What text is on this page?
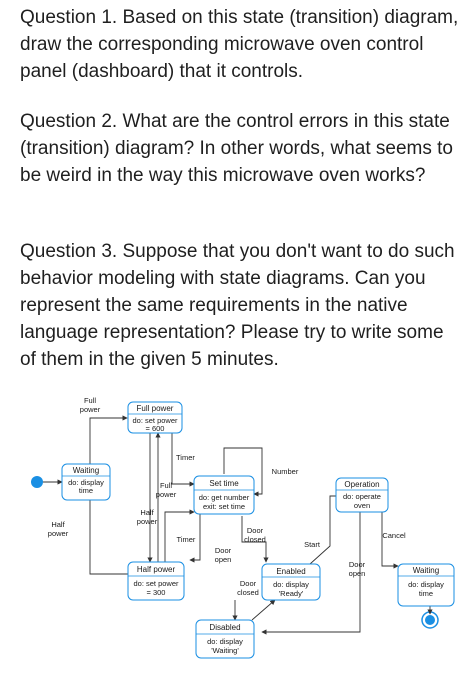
Question 1. Based on this state (transition) diagram, draw the corresponding microwave oven control panel (dashboard) that it controls.

Question 2. What are the control errors in this state (transition) diagram? In other words, what seems to be weird in the way this microwave oven works?

Question 3. Suppose that you don't want to do such behavior modeling with state diagrams. Can you represent the same requirements in the native language representation? Please try to write some of them in the given 5 minutes.

Full power
do: set power
= 600
Waiting
do: display
time
Set time
do: get number
exit: set time
Half power
do: set power
= 300
Disabled
do: display
'Waiting'
Enabled
do: display
'Ready'
Operation
do: operate
oven
Waiting
do: display
time
Full
power
Half
power
Timer
Full
power
Half
power
Timer
Number
Door
open
Door
closed
Door
closed
Start
Door
open
Cancel
